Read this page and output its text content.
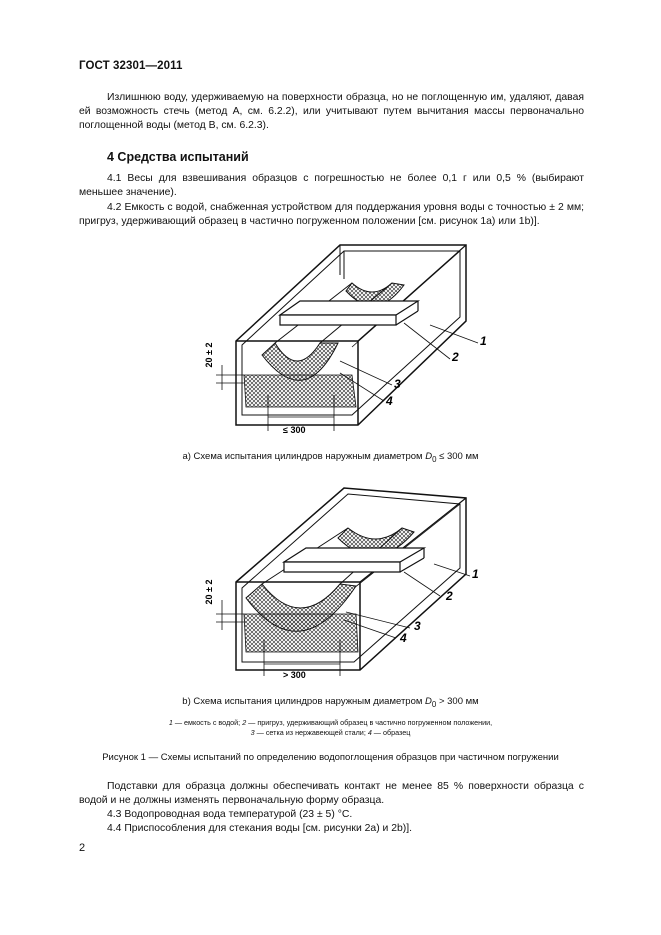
ГОСТ 32301—2011
Излишнюю воду, удерживаемую на поверхности образца, но не поглощенную им, удаляют, давая ей возможность стечь (метод А, см. 6.2.2), или учитывают путем вычитания массы первоначально поглощенной воды (метод В, см. 6.2.3).
4 Средства испытаний
4.1 Весы для взвешивания образцов с погрешностью не более 0,1 г или 0,5 % (выбирают меньшее значение).
4.2 Емкость с водой, снабженная устройством для поддержания уровня воды с точностью ± 2 мм; пригруз, удерживающий образец в частично погруженном положении [см. рисунок 1а) или 1b)].
20 ± 2
≤ 300
1
2
3
4
а) Схема испытания цилиндров наружным диаметром $D_0 \le 300$ мм
20 ± 2
> 300
1
2
3
4
b) Схема испытания цилиндров наружным диаметром $D_0 > 300$ мм
1 — емкость с водой; 2 — пригруз, удерживающий образец в частично погруженном положении,
3 — сетка из нержавеющей стали; 4 — образец
Рисунок 1 — Схемы испытаний по определению водопоглощения образцов при частичном погружении
Подставки для образца должны обеспечивать контакт не менее 85 % поверхности образца с водой и не должны изменять первоначальную форму образца.
4.3 Водопроводная вода температурой (23 ± 5) °С.
4.4 Приспособления для стекания воды [см. рисунки 2а) и 2b)].
2
